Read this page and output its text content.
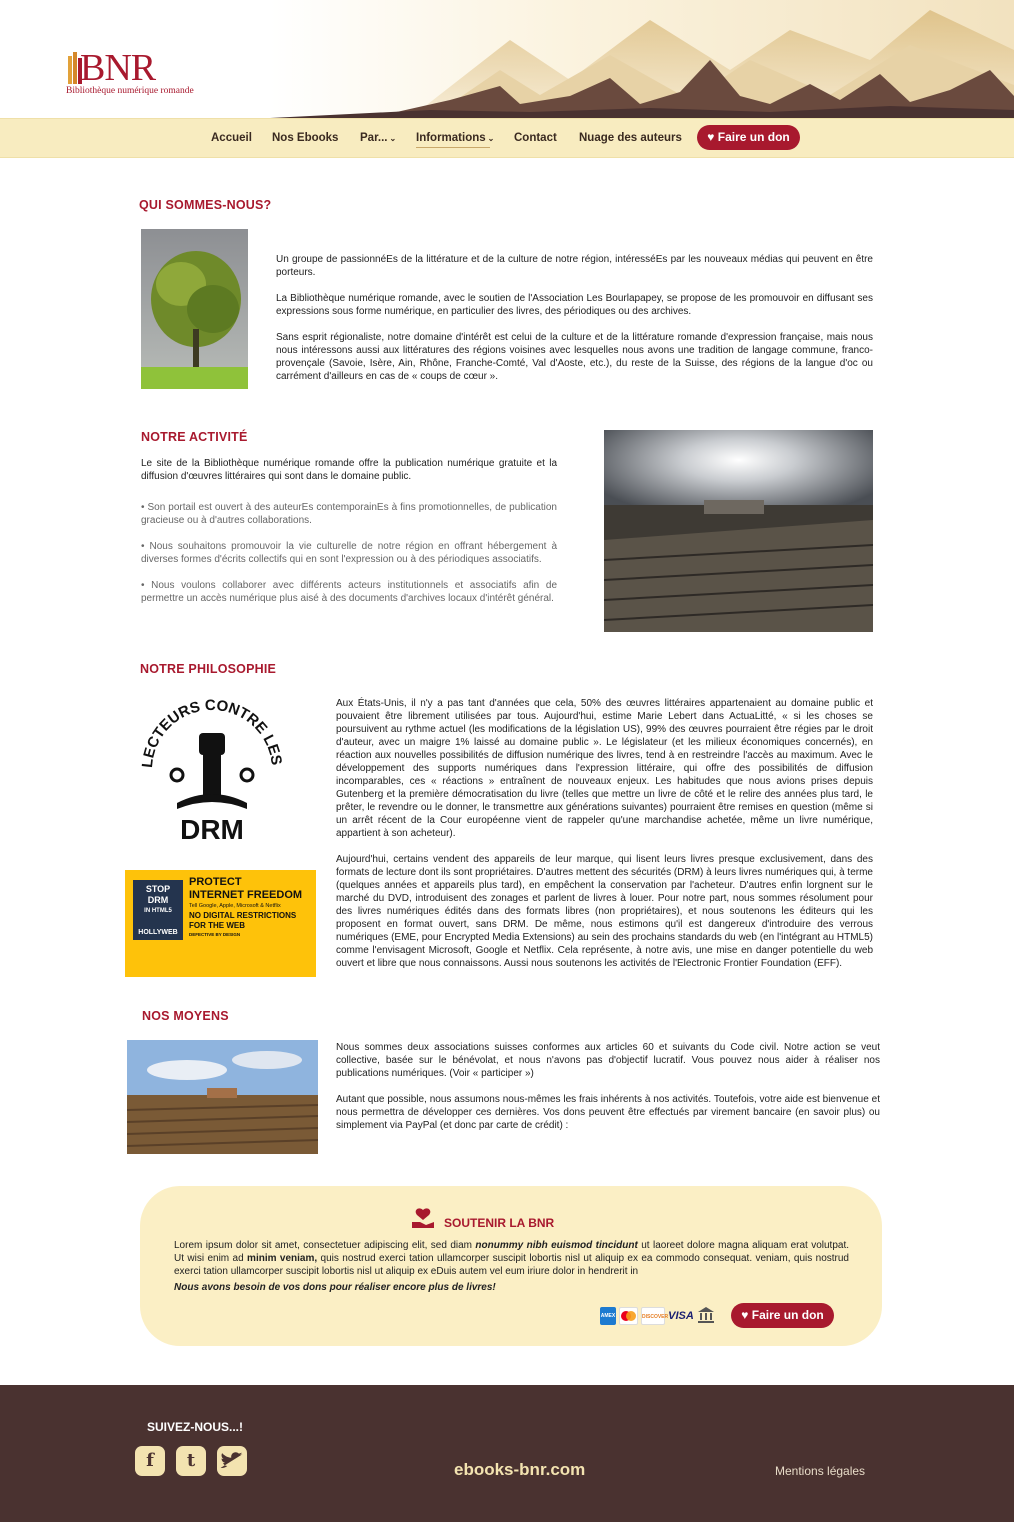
BNR
Bibliothèque numérique romande
Accueil Nos Ebooks Par... ⌄ Informations ⌄ Contact Nuage des auteurs	♥ Faire un don
QUI SOMMES-NOUS?

Un groupe de passionnéEs de la littérature et de la culture de notre région, intéresséEs par les nouveaux médias qui peuvent en être porteurs.

La Bibliothèque numérique romande, avec le soutien de l'Association Les Bourlapapey, se propose de les promouvoir en diffusant ses expressions sous forme numérique, en particulier des livres, des périodiques ou des archives.

Sans esprit régionaliste, notre domaine d'intérêt est celui de la culture et de la littérature romande d'expression française, mais nous nous intéressons aussi aux littératures des régions voisines avec lesquelles nous avons une tradition de langage commune, franco-provençale (Savoie, Isère, Ain, Rhône, Franche-Comté, Val d'Aoste, etc.), du reste de la Suisse, des régions de la langue d'oc ou carrément d'ailleurs en cas de « coups de cœur ».

NOTRE ACTIVITÉ

Le site de la Bibliothèque numérique romande offre la publication numérique gratuite et la diffusion d'œuvres littéraires qui sont dans le domaine public.

• Son portail est ouvert à des auteurEs contemporainEs à fins promotionnelles, de publication gracieuse ou à d'autres collaborations.

• Nous souhaitons promouvoir la vie culturelle de notre région en offrant hébergement à diverses formes d'écrits collectifs qui en sont l'expression ou à des périodiques associatifs.

• Nous voulons collaborer avec différents acteurs institutionnels et associatifs afin de permettre un accès numérique plus aisé à des documents d'archives locaux d'intérêt général.

NOTRE PHILOSOPHIE
LECTEURS CONTRE LES
DRM
STOP DRM
IN HTML5
HOLLYWEB
PROTECT
INTERNET FREEDOM
Tell Google, Apple, Microsoft & Netflix
NO DIGITAL RESTRICTIONS
FOR THE WEB
DEFECTIVE BY DESIGN

Aux États-Unis, il n'y a pas tant d'années que cela, 50% des œuvres littéraires appartenaient au domaine public et pouvaient être librement utilisées par tous. Aujourd'hui, estime Marie Lebert dans ActuaLitté, « si les choses se poursuivent au rythme actuel (les modifications de la législation US), 99% des œuvres pourraient être régies par le droit d'auteur, avec un maigre 1% laissé au domaine public ». Le législateur (et les milieux économiques concernés), en réaction aux nouvelles possibilités de diffusion numérique des livres, tend à en restreindre l'accès au maximum. Avec le développement des supports numériques dans l'expression littéraire, qui offre des possibilités de diffusion incomparables, ces « réactions » entraînent de nouveaux enjeux. Les habitudes que nous avions prises depuis Gutenberg et la première démocratisation du livre (telles que mettre un livre de côté et le relire des années plus tard, le prêter, le revendre ou le donner, le transmettre aux générations suivantes) pourraient être remises en question (même si un arrêt récent de la Cour européenne vient de rappeler qu'une marchandise achetée, même un livre numérique, appartient à son acheteur).

Aujourd'hui, certains vendent des appareils de leur marque, qui lisent leurs livres presque exclusivement, dans des formats de lecture dont ils sont propriétaires. D'autres mettent des sécurités (DRM) à leurs livres numériques qui, à terme (quelques années et appareils plus tard), en empêchent la conservation par l'acheteur. D'autres enfin lorgnent sur le marché du DVD, introduisent des zonages et parlent de livres à louer. Pour notre part, nous sommes résolument pour des livres numériques édités dans des formats libres (non propriétaires), et nous soutenons les éditeurs qui les proposent en format ouvert, sans DRM. De même, nous estimons qu'il est dangereux d'introduire des verrous numériques (EME, pour Encrypted Media Extensions) au sein des prochains standards du web (en l'intégrant au HTML5) comme l'envisagent Microsoft, Google et Netflix. Cela représente, à notre avis, une mise en danger potentielle du web ouvert et libre que nous connaissons. Aussi nous soutenons les activités de l'Electronic Frontier Foundation (EFF).

NOS MOYENS

Nous sommes deux associations suisses conformes aux articles 60 et suivants du Code civil. Notre action se veut collective, basée sur le bénévolat, et nous n'avons pas d'objectif lucratif. Vous pouvez nous aider à réaliser nos publications numériques. (Voir « participer »)

Autant que possible, nous assumons nous-mêmes les frais inhérents à nos activités. Toutefois, votre aide est bienvenue et nous permettra de développer ces dernières. Vos dons peuvent être effectués par virement bancaire (en savoir plus) ou simplement via PayPal (et donc par carte de crédit) :

SOUTENIR LA BNR
Lorem ipsum dolor sit amet, consectetuer adipiscing elit, sed diam nonummy nibh euismod tincidunt ut laoreet dolore magna aliquam erat volutpat. Ut wisi enim ad minim veniam, quis nostrud exerci tation ullamcorper suscipit lobortis nisl ut aliquip ex ea commodo consequat. veniam, quis nostrud exerci tation ullamcorper suscipit lobortis nisl ut aliquip ex eDuis autem vel eum iriure dolor in hendrerit in
Nous avons besoin de vos dons pour réaliser encore plus de livres!
AMEX	DISCOVER VISA	♥ Faire un don
SUIVEZ-NOUS...!
f	t	ebooks-bnr.com	Mentions légales
